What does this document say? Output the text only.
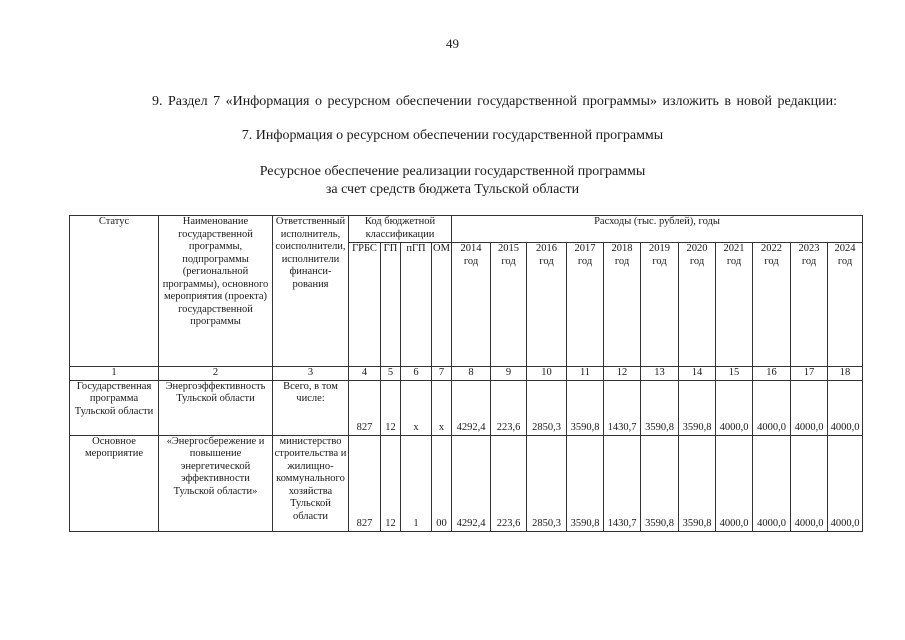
49
9. Раздел 7 «Информация о ресурсном обеспечении государственной программы» изложить в новой редакции:
7. Информация о ресурсном обеспечении государственной программы
Ресурсное обеспечение реализации государственной программы
за счет средств бюджета Тульской области
Статус	Наименование государственной программы, подпрограммы (региональной программы), основного мероприятия (проекта) государственной программы	Ответственный исполнитель, соисполнители, исполнители финанси-рования	Код бюджетной классификации				Расходы (тыс. рублей), годы										
			ГРБС	ГП	пГП	ОМ	2014 год	2015 год	2016 год	2017 год	2018 год	2019 год	2020 год	2021 год	2022 год	2023 год	2024 год
1	2	3	4	5	6	7	8	9	10	11	12	13	14	15	16	17	18
Государственная программа Тульской области	Энергоэффективность Тульской области	Всего, в том числе:	827	12	х	х	4292,4	223,6	2850,3	3590,8	1430,7	3590,8	3590,8	4000,0	4000,0	4000,0	4000,0
Основное мероприятие	«Энергосбережение и повышение энергетической эффективности Тульской области»	министерство строительства и жилищно-коммунального хозяйства Тульской области	827	12	1	00	4292,4	223,6	2850,3	3590,8	1430,7	3590,8	3590,8	4000,0	4000,0	4000,0	4000,0
